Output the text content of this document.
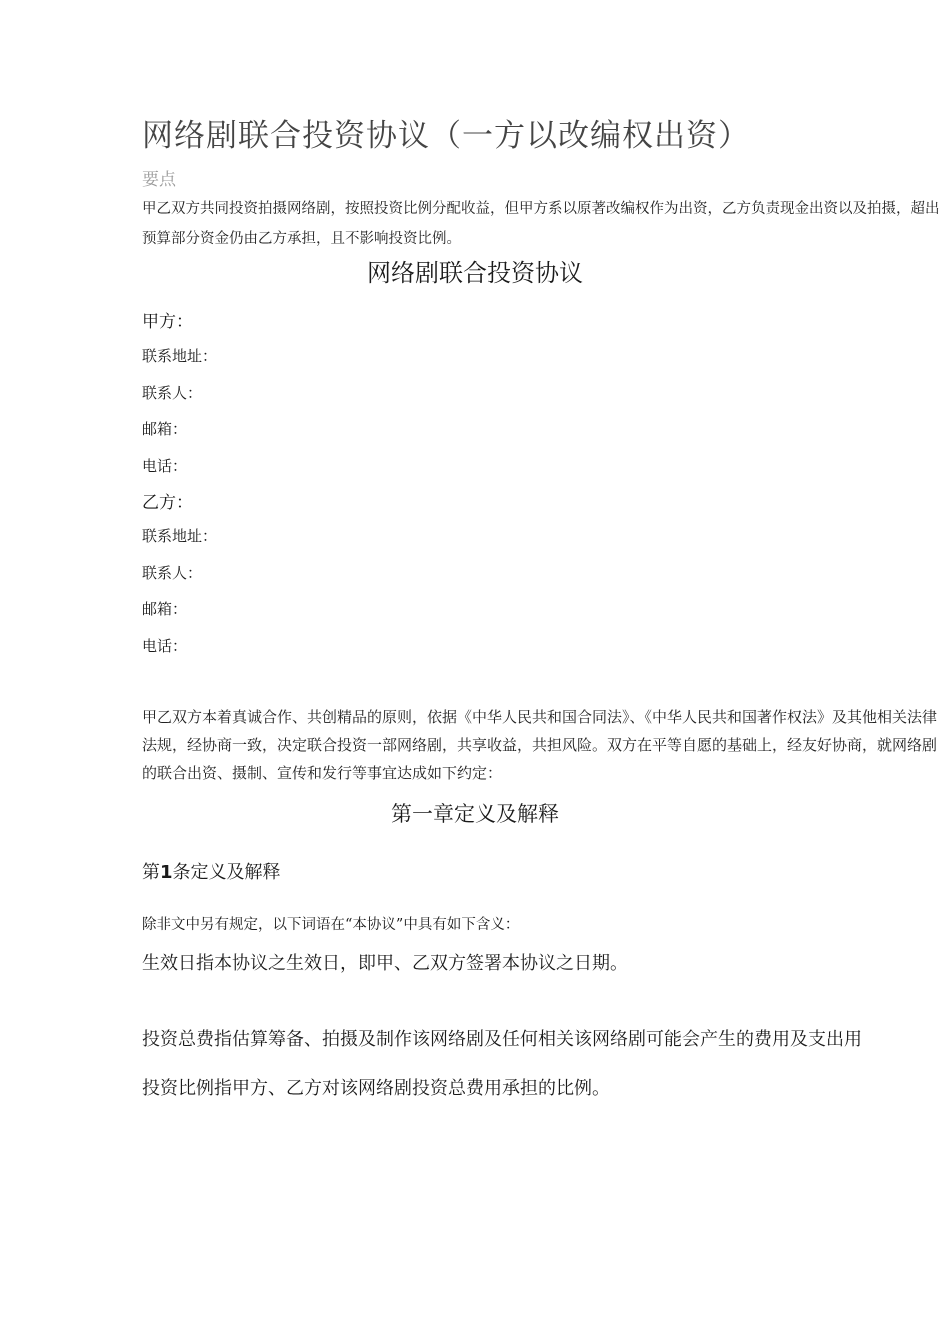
网络剧联合投资协议（一方以改编权出资）
要点
甲乙双方共同投资拍摄网络剧，按照投资比例分配收益，但甲方系以原著改编权作为出资，乙方负责现金出资以及拍摄，超出预算部分资金仍由乙方承担，且不影响投资比例。
网络剧联合投资协议
甲方：
联系地址：
联系人：
邮箱：
电话：
乙方：
联系地址：
联系人：
邮箱：
电话：
甲乙双方本着真诚合作、共创精品的原则，依据《中华人民共和国合同法》、《中华人民共和国著作权法》及其他相关法律法规，经协商一致，决定联合投资一部网络剧，共享收益，共担风险。双方在平等自愿的基础上，经友好协商，就网络剧的联合出资、摄制、宣传和发行等事宜达成如下约定：
第一章定义及解释
第1条定义及解释
除非文中另有规定，以下词语在“本协议”中具有如下含义：
生效日指本协议之生效日，即甲、乙双方签署本协议之日期。
投资总费指估算筹备、拍摄及制作该网络剧及任何相关该网络剧可能会产生的费用及支出用
投资比例指甲方、乙方对该网络剧投资总费用承担的比例。
